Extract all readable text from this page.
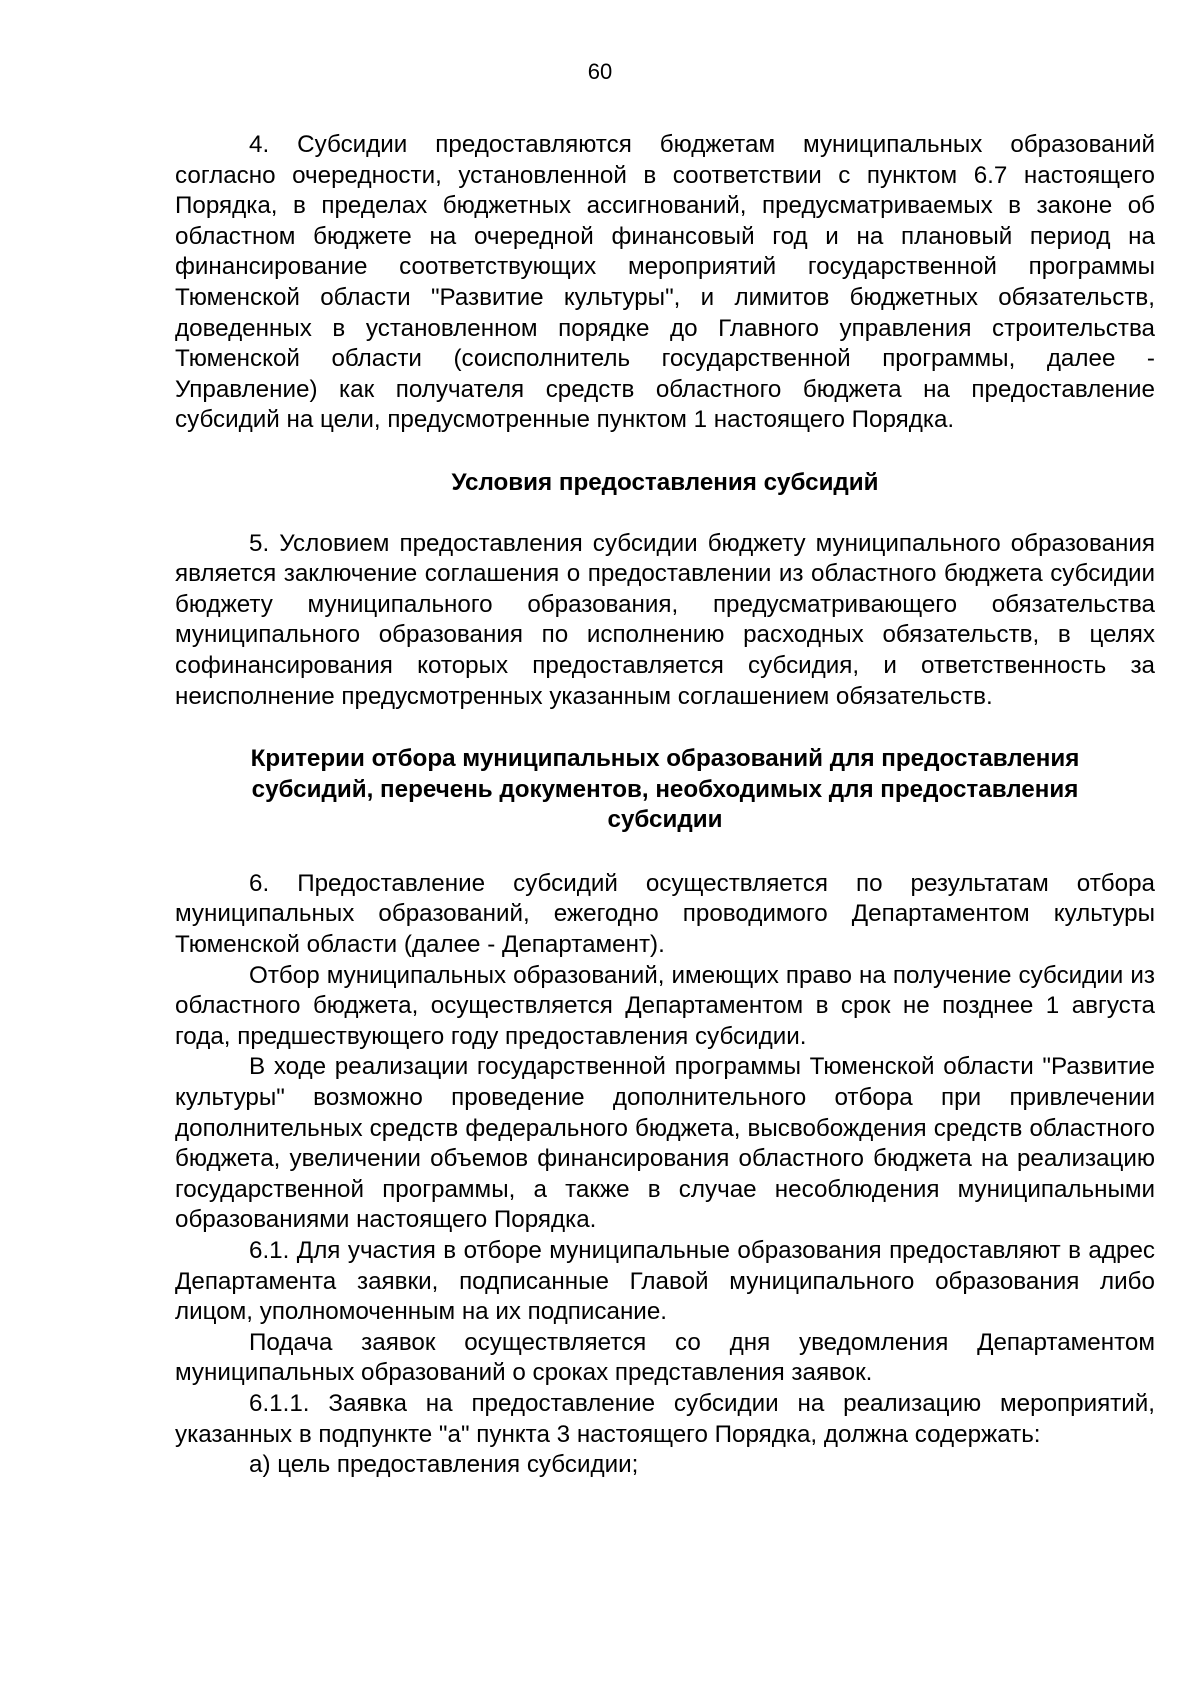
60

4. Субсидии предоставляются бюджетам муниципальных образований согласно очередности, установленной в соответствии с пунктом 6.7 настоящего Порядка, в пределах бюджетных ассигнований, предусматриваемых в законе об областном бюджете на очередной финансовый год и на плановый период на финансирование соответствующих мероприятий государственной программы Тюменской области "Развитие культуры", и лимитов бюджетных обязательств, доведенных в установленном порядке до Главного управления строительства Тюменской области (соисполнитель государственной программы, далее - Управление) как получателя средств областного бюджета на предоставление субсидий на цели, предусмотренные пунктом 1 настоящего Порядка.

Условия предоставления субсидий

5. Условием предоставления субсидии бюджету муниципального образования является заключение соглашения о предоставлении из областного бюджета субсидии бюджету муниципального образования, предусматривающего обязательства муниципального образования по исполнению расходных обязательств, в целях софинансирования которых предоставляется субсидия, и ответственность за неисполнение предусмотренных указанным соглашением обязательств.

Критерии отбора муниципальных образований для предоставления
субсидий, перечень документов, необходимых для предоставления
субсидии

6. Предоставление субсидий осуществляется по результатам отбора муниципальных образований, ежегодно проводимого Департаментом культуры Тюменской области (далее - Департамент).

Отбор муниципальных образований, имеющих право на получение субсидии из областного бюджета, осуществляется Департаментом в срок не позднее 1 августа года, предшествующего году предоставления субсидии.

В ходе реализации государственной программы Тюменской области "Развитие культуры" возможно проведение дополнительного отбора при привлечении дополнительных средств федерального бюджета, высвобождения средств областного бюджета, увеличении объемов финансирования областного бюджета на реализацию государственной программы, а также в случае несоблюдения муниципальными образованиями настоящего Порядка.

6.1. Для участия в отборе муниципальные образования предоставляют в адрес Департамента заявки, подписанные Главой муниципального образования либо лицом, уполномоченным на их подписание.

Подача заявок осуществляется со дня уведомления Департаментом муниципальных образований о сроках представления заявок.

6.1.1. Заявка на предоставление субсидии на реализацию мероприятий, указанных в подпункте "а" пункта 3 настоящего Порядка, должна содержать:

а) цель предоставления субсидии;
